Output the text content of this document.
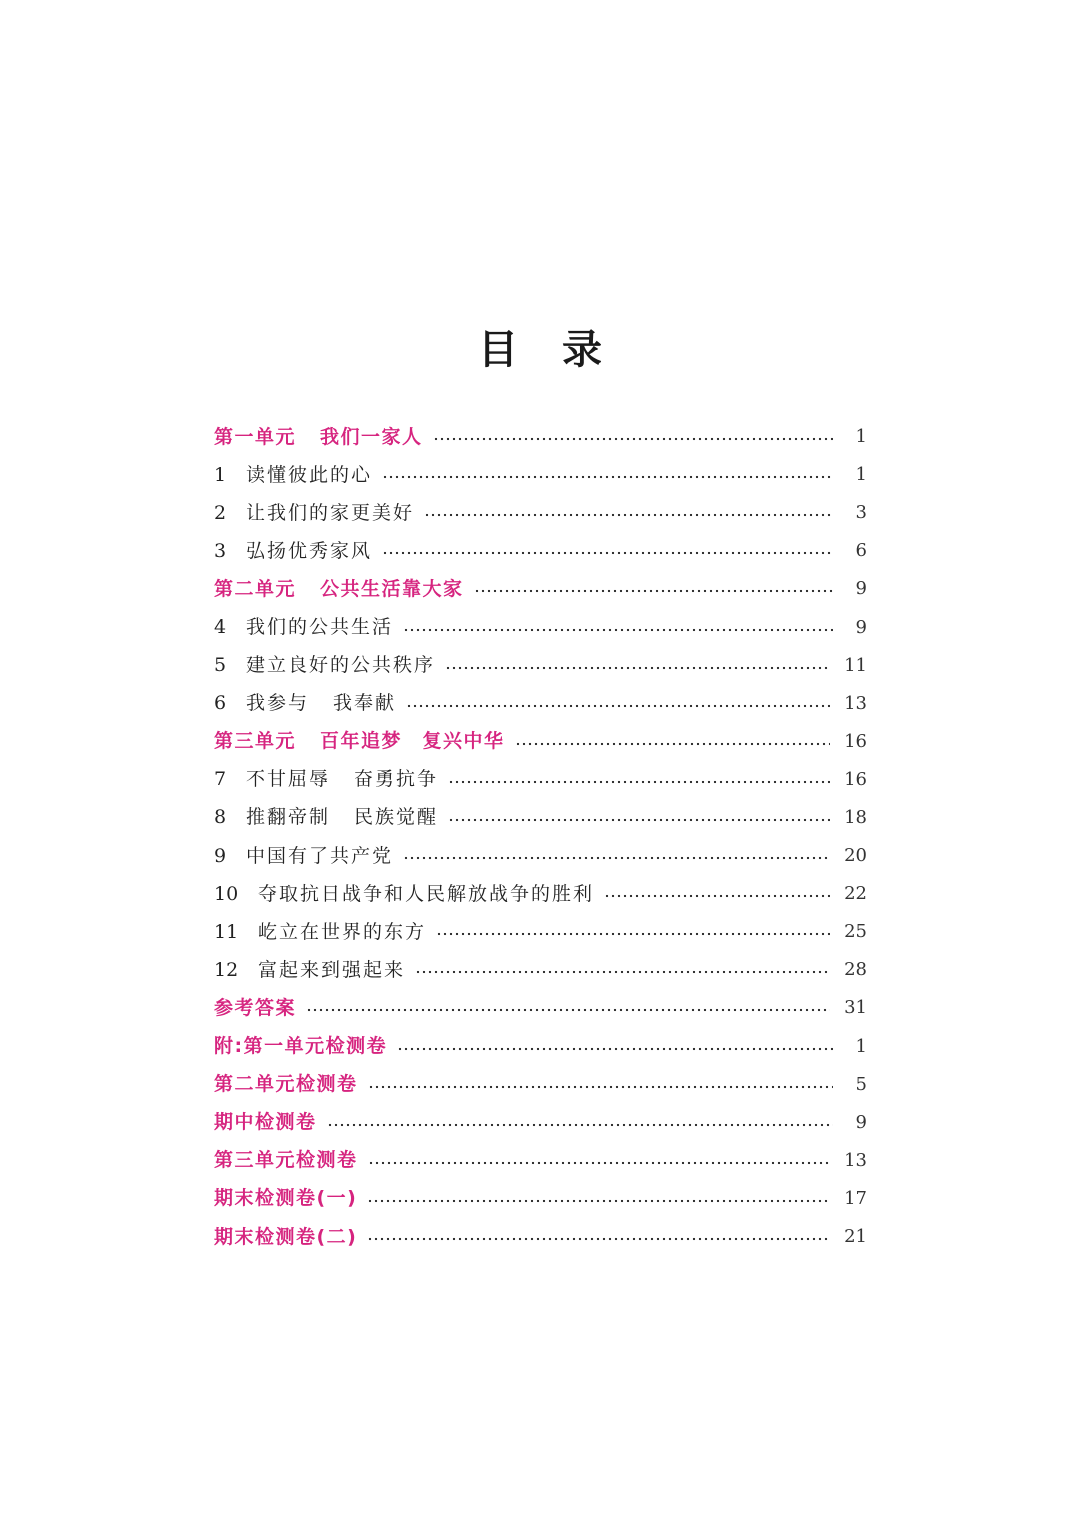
目录
第一单元 我们一家人	1
1	读懂彼此的心	1
2	让我们的家更美好	3
3	弘扬优秀家风	6
第二单元 公共生活靠大家	9
4	我们的公共生活	9
5	建立良好的公共秩序	11
6	我参与 我奉献	13
第三单元 百年追梦　复兴中华	16
7	不甘屈辱 奋勇抗争	16
8	推翻帝制 民族觉醒	18
9	中国有了共产党	20
10	夺取抗日战争和人民解放战争的胜利	22
11	屹立在世界的东方	25
12	富起来到强起来	28
参考答案	31
附:第一单元检测卷	1
第二单元检测卷	5
期中检测卷	9
第三单元检测卷	13
期末检测卷(一)	17
期末检测卷(二)	21
